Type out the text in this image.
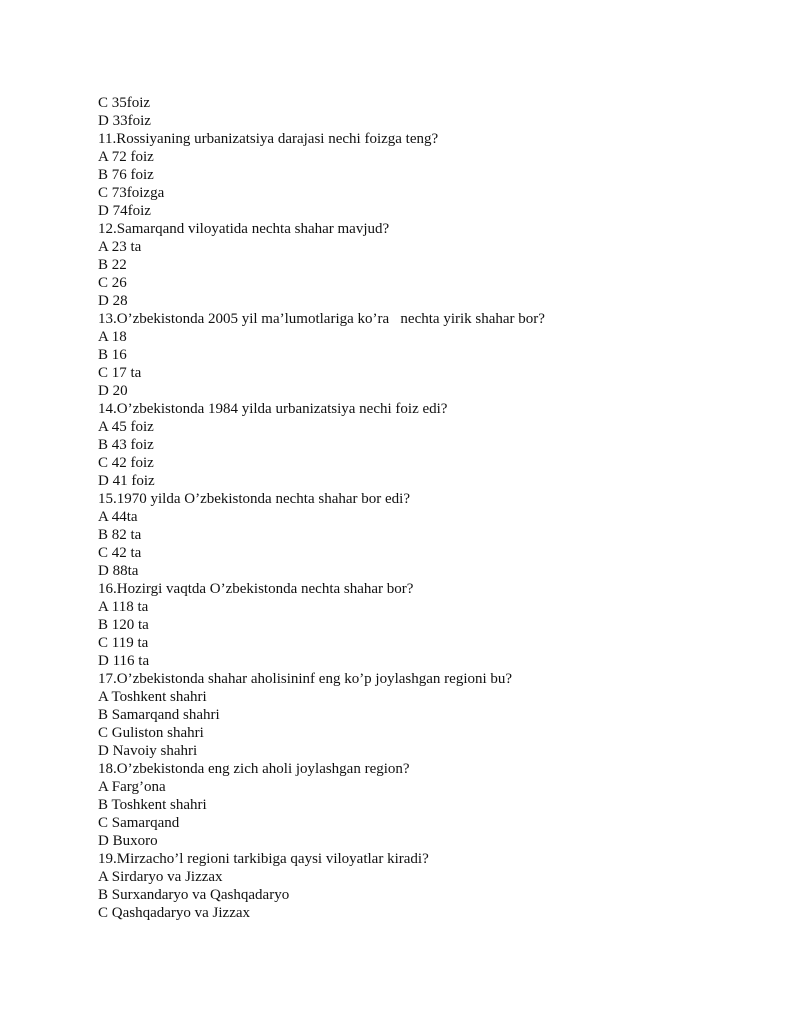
C 35foiz
D 33foiz
11.Rossiyaning urbanizatsiya darajasi nechi foizga teng?
A 72 foiz
B 76 foiz
C 73foizga
D 74foiz
12.Samarqand viloyatida nechta shahar mavjud?
A 23 ta
B 22
C 26
D 28
13.O’zbekistonda 2005 yil ma’lumotlariga ko’ra   nechta yirik shahar bor?
A 18
B 16
C 17 ta
D 20
14.O’zbekistonda 1984 yilda urbanizatsiya nechi foiz edi?
A 45 foiz
B 43 foiz
C 42 foiz
D 41 foiz
15.1970 yilda O’zbekistonda nechta shahar bor edi?
A 44ta
B 82 ta
C 42 ta
D 88ta
16.Hozirgi vaqtda O’zbekistonda nechta shahar bor?
A 118 ta
B 120 ta
C 119 ta
D 116 ta
17.O’zbekistonda shahar aholisininf eng ko’p joylashgan regioni bu?
A Toshkent shahri
B Samarqand shahri
C Guliston shahri
D Navoiy shahri
18.O’zbekistonda eng zich aholi joylashgan region?
A Farg’ona
B Toshkent shahri
C Samarqand
D Buxoro
19.Mirzacho’l regioni tarkibiga qaysi viloyatlar kiradi?
A Sirdaryo va Jizzax
B Surxandaryo va Qashqadaryo
C Qashqadaryo va Jizzax
